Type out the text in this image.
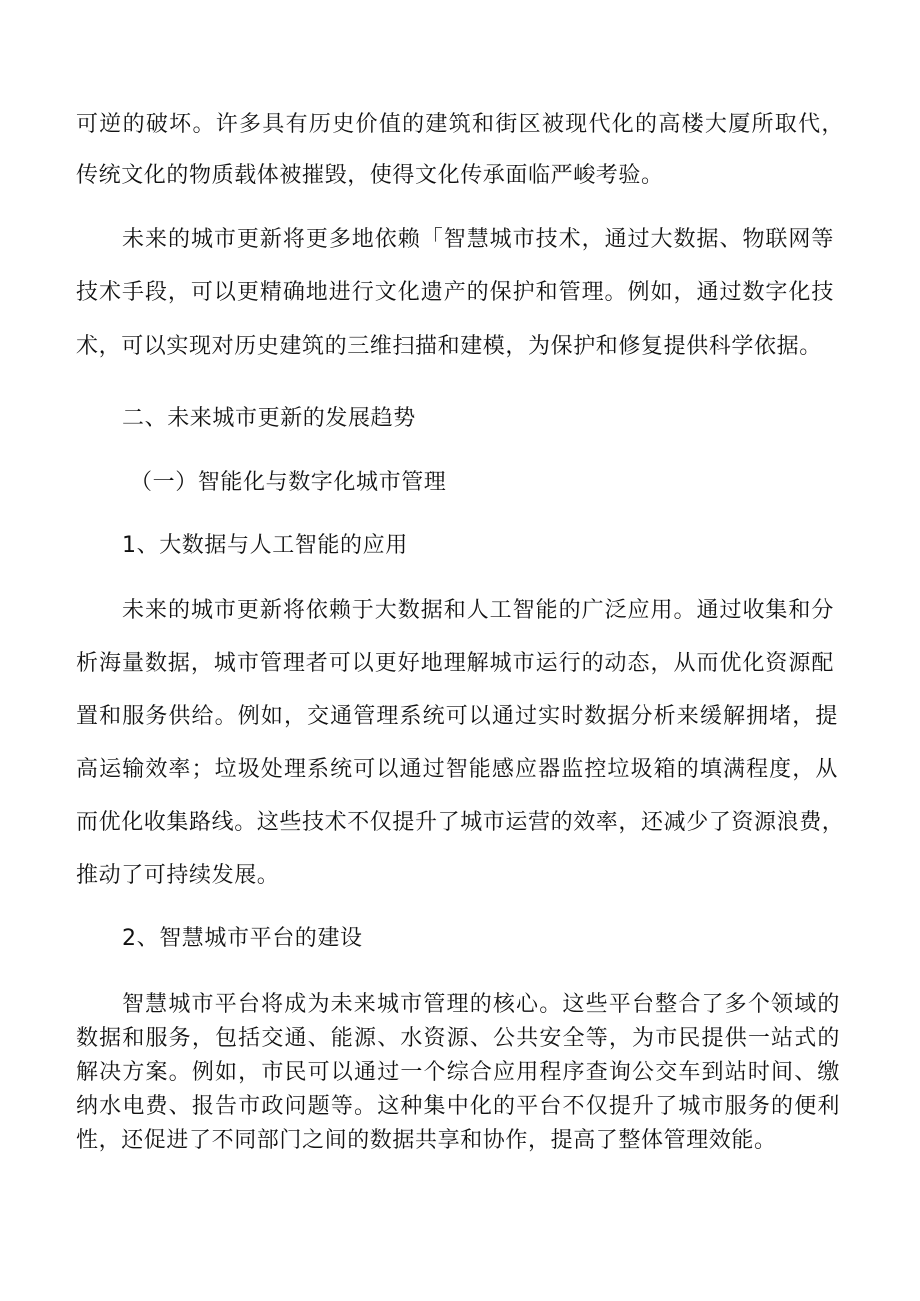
可逆的破坏。许多具有历史价值的建筑和街区被现代化的高楼大厦所取代，
传统文化的物质载体被摧毁，使得文化传承面临严峻考验。
未来的城市更新将更多地依赖「智慧城市技术，通过大数据、物联网等
技术手段，可以更精确地进行文化遗产的保护和管理。例如，通过数字化技
术，可以实现对历史建筑的三维扫描和建模，为保护和修复提供科学依据。
二、未来城市更新的发展趋势
（一）智能化与数字化城市管理
1、大数据与人工智能的应用
未来的城市更新将依赖于大数据和人工智能的广泛应用。通过收集和分
析海量数据，城市管理者可以更好地理解城市运行的动态，从而优化资源配
置和服务供给。例如，交通管理系统可以通过实时数据分析来缓解拥堵，提
高运输效率；垃圾处理系统可以通过智能感应器监控垃圾箱的填满程度，从
而优化收集路线。这些技术不仅提升了城市运营的效率，还减少了资源浪费，
推动了可持续发展。
2、智慧城市平台的建设
智慧城市平台将成为未来城市管理的核心。这些平台整合了多个领域的
数据和服务，包括交通、能源、水资源、公共安全等，为市民提供一站式的
解决方案。例如，市民可以通过一个综合应用程序查询公交车到站时间、缴
纳水电费、报告市政问题等。这种集中化的平台不仅提升了城市服务的便利
性，还促进了不同部门之间的数据共享和协作，提高了整体管理效能。
